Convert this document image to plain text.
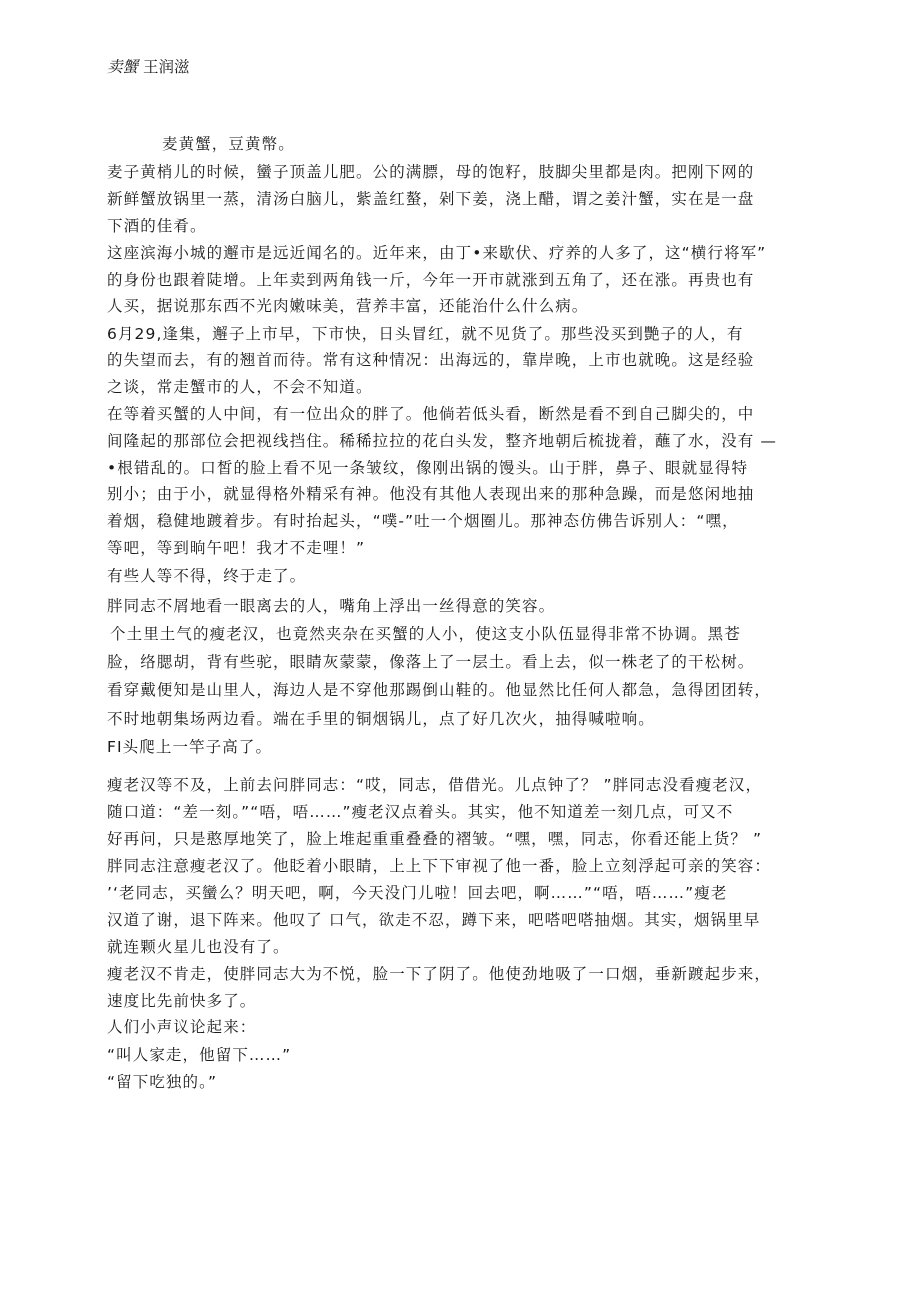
卖蟹 王润滋
麦黄蟹，豆黄幣。
麦子黄梢儿的时候，蠻子顶盖儿肥。公的满膘，母的饱籽，肢脚尖里都是肉。把刚下网的
新鲜蟹放锅里一蒸，清汤白脑儿，紫盖红螯，剁下姜，浇上醋，谓之姜汁蟹，实在是一盘
下酒的佳肴。
这座滨海小城的邂市是远近闻名的。近年来，由丁•来歇伏、疗养的人多了，这“横行将军”
的身份也跟着陡增。上年卖到两角钱一斤，今年一开市就涨到五角了，还在涨。再贵也有
人买，据说那东西不光肉嫩味美，营养丰富，还能治什么什么病。
6月29,逢集，邂子上市早，下市快，日头冒红，就不见货了。那些没买到艷子的人，有
的失望而去，有的翘首而待。常有这种情况：出海远的，靠岸晚，上市也就晚。这是经验
之谈，常走蟹市的人，不会不知道。
在等着买蟹的人中间，有一位出众的胖了。他倘若低头看，断然是看不到自己脚尖的，中
间隆起的那部位会把视线挡住。稀稀拉拉的花白头发，整齐地朝后梳拢着，蘸了水，没有 —
•根错乱的。口皙的脸上看不见一条皱纹，像刚出锅的馒头。山于胖，鼻子、眼就显得特
别小；由于小，就显得格外精采有神。他没有其他人表现出来的那种急躁，而是悠闲地抽
着烟，稳健地踱着步。有时抬起头，“噗-”吐一个烟圈儿。那神态仿佛告诉别人：“嘿，
等吧，等到晌午吧！我才不走哩！”
有些人等不得，终于走了。
胖同志不屑地看一眼离去的人，嘴角上浮出一丝得意的笑容。
个土里土气的瘦老汉，也竟然夹杂在买蟹的人小，使这支小队伍显得非常不协调。黑苍
脸，络腮胡，背有些驼，眼睛灰蒙蒙，像落上了一层土。看上去，似一株老了的干松树。
看穿戴便知是山里人，海边人是不穿他那踢倒山鞋的。他显然比任何人都急，急得团团转，
不时地朝集场两边看。端在手里的铜烟锅儿，点了好几次火，抽得喊啦响。
FI头爬上一竿子高了。
瘦老汉等不及，上前去问胖同志：“哎，同志，借借光。儿点钟了？ ”胖同志没看瘦老汉，
随口道：“差一刻。”“唔，唔……”瘦老汉点着头。其实，他不知道差一刻几点，可又不
好再问，只是憨厚地笑了，脸上堆起重重叠叠的褶皱。“嘿，嘿，同志，你看还能上货？ ”
胖同志注意瘦老汉了。他眨着小眼睛，上上下下审视了他一番，脸上立刻浮起可亲的笑容：
’‘老同志，买蠻么？明天吧，啊，今天没门儿啦！回去吧，啊……”“唔，唔……”瘦老
汉道了谢，退下阵来。他叹了 口气，欲走不忍，蹲下来，吧嗒吧嗒抽烟。其实，烟锅里早
就连颗火星儿也没有了。
瘦老汉不肯走，使胖同志大为不悦，脸一下了阴了。他使劲地吸了一口烟，垂新踱起步来，
速度比先前快多了。
人们小声议论起来：
“叫人家走，他留下……”
“留下吃独的。”
